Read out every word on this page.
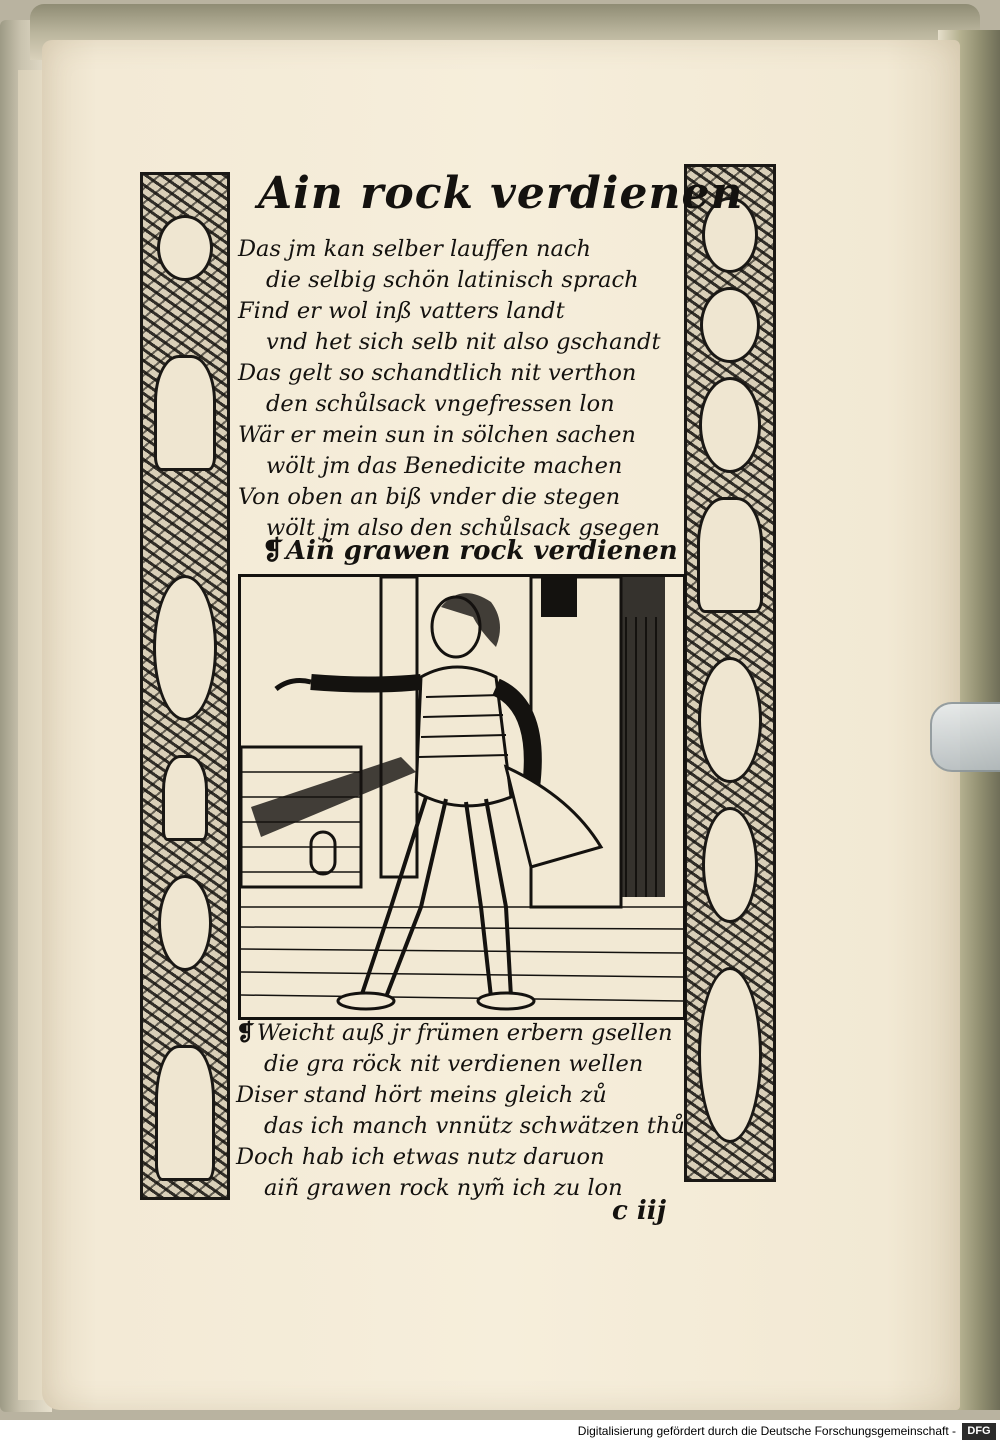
Ain rock verdienen
Das jm kan selber lauffen nach
die selbig schön latinisch sprach
Find er wol inß vatters landt
vnd het sich selb nit also gschandt
Das gelt so schandtlich nit verthon
den schůlsack vngefressen lon
Wär er mein sun in sölchen sachen
wölt jm das Benedicite machen
Von oben an biß vnder die stegen
wölt jm also den schůlsack gsegen
❡Aiñ grawen rock verdienen
❡Weicht auß jr frümen erbern gsellen
die gra röck nit verdienen wellen
Diser stand hört meins gleich zů
das ich manch vnnütz schwätzen thů
Doch hab ich etwas nutz daruon
aiñ grawen rock nym̃ ich zu lon
c iij
Digitalisierung gefördert durch die Deutsche Forschungsgemeinschaft -	DFG
